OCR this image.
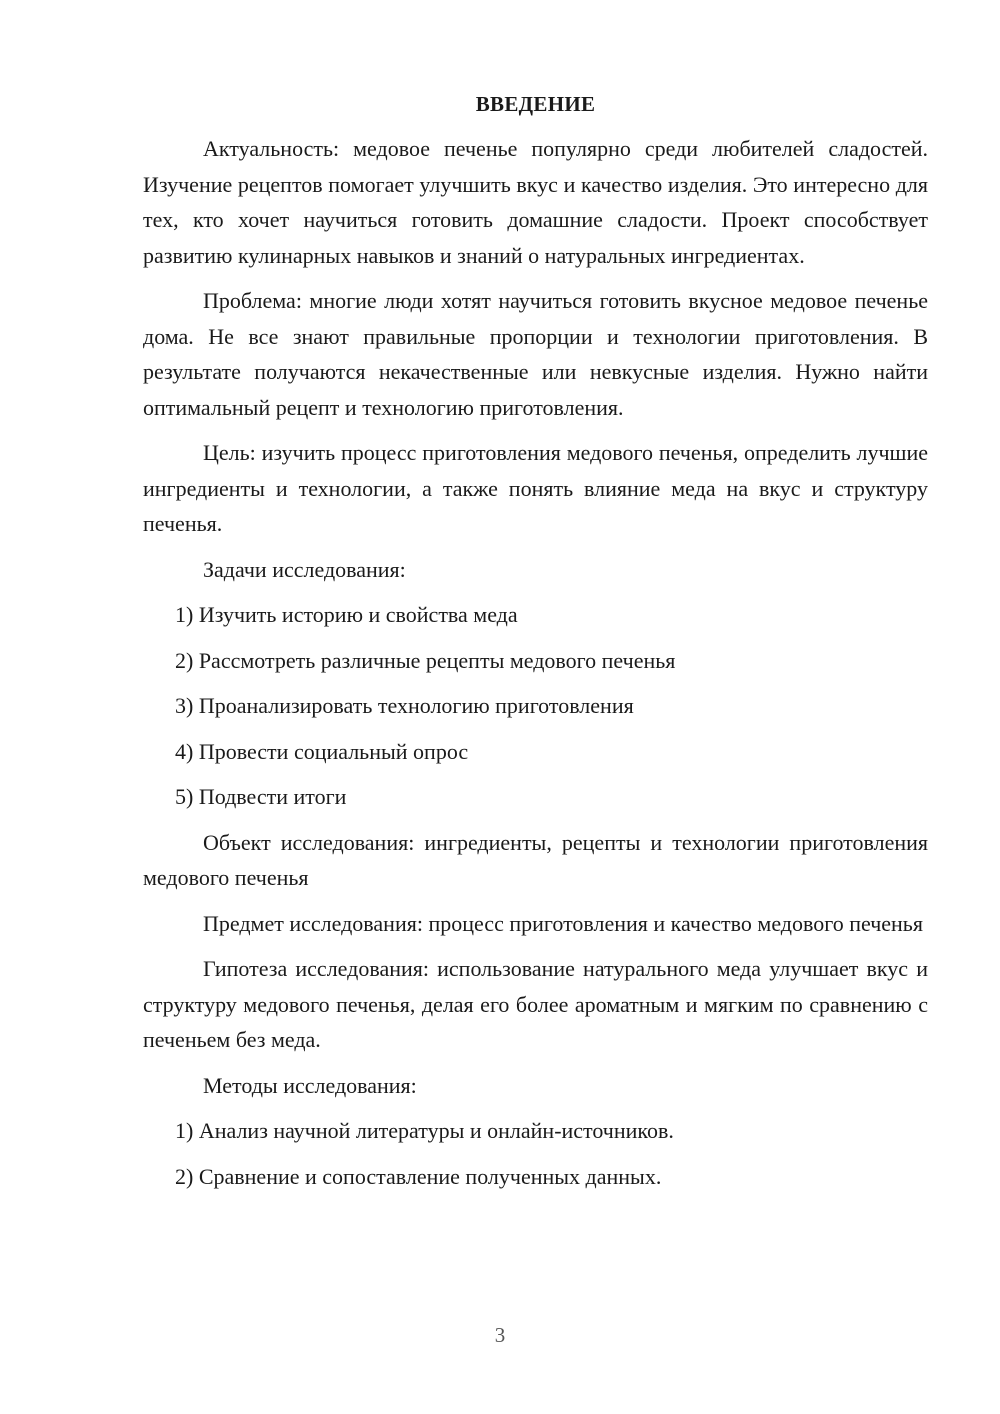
ВВЕДЕНИЕ

Актуальность: медовое печенье популярно среди любителей сладостей. Изучение рецептов помогает улучшить вкус и качество изделия. Это интересно для тех, кто хочет научиться готовить домашние сладости. Проект способствует развитию кулинарных навыков и знаний о натуральных ингредиентах.

Проблема: многие люди хотят научиться готовить вкусное медовое печенье дома. Не все знают правильные пропорции и технологии приготовления. В результате получаются некачественные или невкусные изделия. Нужно найти оптимальный рецепт и технологию приготовления.

Цель: изучить процесс приготовления медового печенья, определить лучшие ингредиенты и технологии, а также понять влияние меда на вкус и структуру печенья.

Задачи исследования:

1) Изучить историю и свойства меда
2) Рассмотреть различные рецепты медового печенья
3) Проанализировать технологию приготовления
4) Провести социальный опрос
5) Подвести итоги

Объект исследования: ингредиенты, рецепты и технологии приготовления медового печенья

Предмет исследования: процесс приготовления и качество медового печенья

Гипотеза исследования: использование натурального меда улучшает вкус и структуру медового печенья, делая его более ароматным и мягким по сравнению с печеньем без меда.

Методы исследования:

1) Анализ научной литературы и онлайн-источников.
2) Сравнение и сопоставление полученных данных.
3
